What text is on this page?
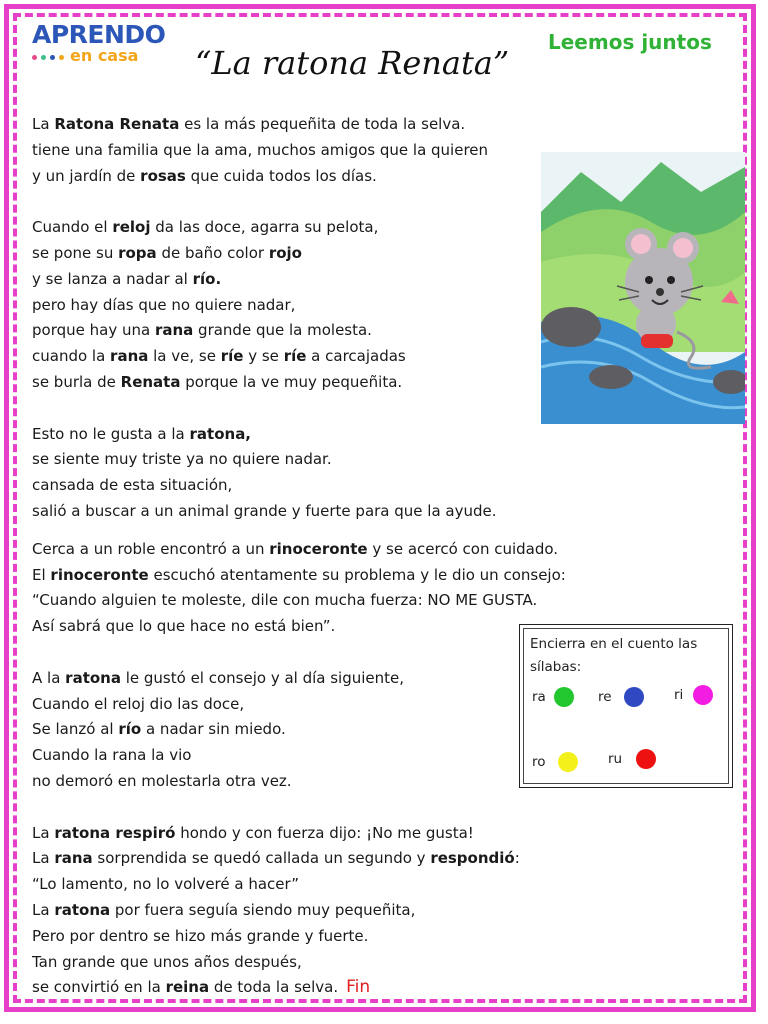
APRENDO
en casa “La ratona Renata”
Leemos juntos
La Ratona Renata es la más pequeñita de toda la selva.
tiene una familia que la ama, muchos amigos que la quieren
y un jardín de rosas que cuida todos los días.
Cuando el reloj da las doce, agarra su pelota,
se pone su ropa de baño color rojo
y se lanza a nadar al río.
pero hay días que no quiere nadar,
porque hay una rana grande que la molesta.
cuando la rana la ve, se ríe y se ríe a carcajadas
se burla de Renata porque la ve muy pequeñita.
Esto no le gusta a la ratona,
se siente muy triste ya no quiere nadar.
cansada de esta situación,
salió a buscar a un animal grande y fuerte para que la ayude.
Cerca a un roble encontró a un rinoceronte y se acercó con cuidado.
El rinoceronte escuchó atentamente su problema y le dio un consejo:
“Cuando alguien te moleste, dile con mucha fuerza: NO ME GUSTA.
Así sabrá que lo que hace no está bien”.
A la ratona le gustó el consejo y al día siguiente,
Cuando el reloj dio las doce,
Se lanzó al río a nadar sin miedo.
Cuando la rana la vio
no demoró en molestarla otra vez.
La ratona respiró hondo y con fuerza dijo: ¡No me gusta!
La rana sorprendida se quedó callada un segundo y respondió:
“Lo lamento, no lo volveré a hacer”
La ratona por fuera seguía siendo muy pequeñita,
Pero por dentro se hizo más grande y fuerte.
Tan grande que unos años después,
se convirtió en la reina de toda la selva. Fin
Encierra en el cuento las sílabas:
ra	re	ri
ro	ru
